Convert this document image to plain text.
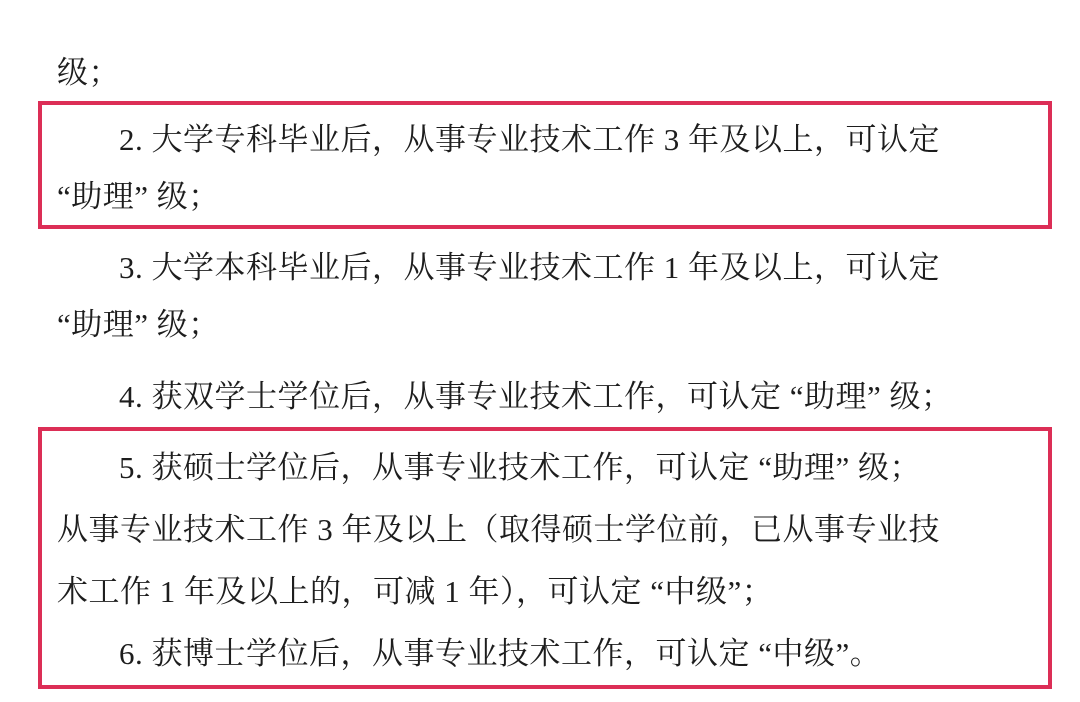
级；
2. 大学专科毕业后，从事专业技术工作 3 年及以上，可认定
“助理” 级；
3. 大学本科毕业后，从事专业技术工作 1 年及以上，可认定
“助理” 级；
4. 获双学士学位后，从事专业技术工作，可认定 “助理” 级；
5. 获硕士学位后，从事专业技术工作，可认定 “助理” 级；
从事专业技术工作 3 年及以上（取得硕士学位前，已从事专业技
术工作 1 年及以上的，可减 1 年），可认定 “中级”；
6. 获博士学位后，从事专业技术工作，可认定 “中级”。
